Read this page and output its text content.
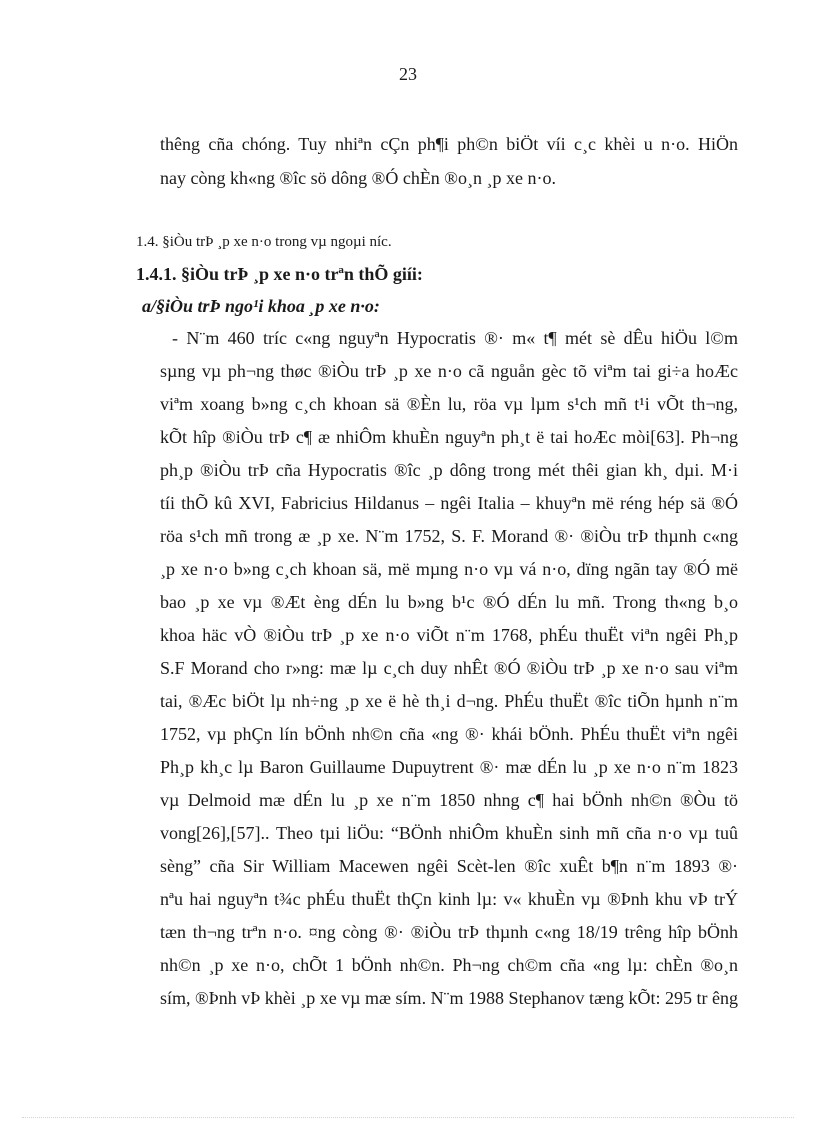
23
thêng cña chóng. Tuy nhiªn cÇn ph¶i ph©n biÖt víi c¸c khèi u n·o. HiÖn
nay còng kh«ng ®îc sö dông ®Ó chÈn ®o¸n ¸p xe n·o.
1.4. §iÒu trÞ ¸p xe n·o trong vµ ngoµi níc.
1.4.1. §iÒu trÞ ¸p xe n·o trªn thÕ giíi:
a/§iÒu trÞ ngo¹i khoa ¸p xe n·o:
- N¨m 460 tríc c«ng nguyªn Hypocratis ®· m« t¶ mét sè dÊu hiÖu l©m
sµng vµ ph¬ng thøc ®iÒu trÞ ¸p xe n·o cã nguån gèc tõ viªm tai gi÷a hoÆc
viªm xoang b»ng c¸ch khoan sä ®Èn lu, röa vµ lµm s¹ch mñ t¹i vÕt th¬ng,
kÕt hîp ®iÒu trÞ c¶ æ nhiÔm khuÈn nguyªn ph¸t ë tai hoÆc mòi[63]. Ph¬ng
ph¸p ®iÒu trÞ cña Hypocratis ®îc ¸p dông trong mét thêi gian kh¸ dµi. M·i
tíi thÕ kû XVI, Fabricius Hildanus – ngêi Italia – khuyªn më réng hép sä ®Ó
röa s¹ch mñ trong æ ¸p xe. N¨m 1752, S. F. Morand ®· ®iÒu trÞ thµnh c«ng
¸p xe n·o b»ng c¸ch khoan sä, më mµng n·o vµ vá n·o, dïng ngãn tay ®Ó më
bao ¸p xe vµ ®Æt èng dÉn lu b»ng b¹c ®Ó dÉn lu mñ. Trong th«ng b¸o
khoa häc vÒ ®iÒu trÞ ¸p xe n·o viÕt n¨m 1768, phÉu thuËt viªn ngêi Ph¸p
S.F Morand cho r»ng: mæ lµ c¸ch duy nhÊt ®Ó ®iÒu trÞ ¸p xe n·o sau viªm
tai, ®Æc biÖt lµ nh÷ng ¸p xe ë hè th¸i d¬ng. PhÉu thuËt ®îc tiÕn hµnh n¨m
1752, vµ phÇn lín bÖnh nh©n cña «ng ®· khái bÖnh. PhÉu thuËt viªn ngêi
Ph¸p kh¸c lµ Baron Guillaume Dupuytrent ®· mæ dÉn lu ¸p xe n·o n¨m 1823
vµ Delmoid mæ dÉn lu ¸p xe n¨m 1850 nhng c¶ hai bÖnh nh©n ®Òu tö
vong[26],[57].. Theo tµi liÖu: “BÖnh nhiÔm khuÈn sinh mñ cña n·o vµ tuû
sèng” cña Sir William Macewen ngêi Scèt-len ®îc xuÊt b¶n n¨m 1893 ®·
nªu hai nguyªn t¾c phÉu thuËt thÇn kinh lµ: v« khuÈn vµ ®Þnh khu vÞ trÝ
tæn th¬ng trªn n·o. ¤ng còng ®· ®iÒu trÞ thµnh c«ng 18/19 trêng hîp bÖnh
nh©n ¸p xe n·o, chÕt 1 bÖnh nh©n. Ph¬ng ch©m cña «ng lµ: chÈn ®o¸n
sím, ®Þnh vÞ khèi ¸p xe vµ mæ sím. N¨m 1988 Stephanov tæng kÕt: 295 tr êng
